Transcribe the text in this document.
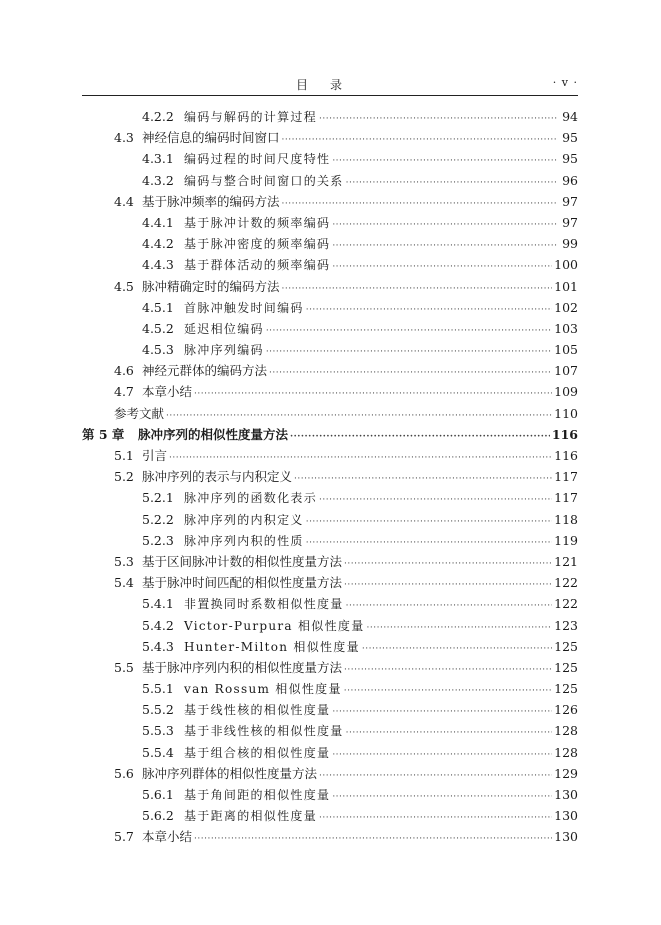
目录	· v ·
4.2.2 编码与解码的计算过程 ·····	94
4.3 神经信息的编码时间窗口 ·····	95
4.3.1 编码过程的时间尺度特性 ·····	95
4.3.2 编码与整合时间窗口的关系 ·····	96
4.4 基于脉冲频率的编码方法 ·····	97
4.4.1 基于脉冲计数的频率编码 ·····	97
4.4.2 基于脉冲密度的频率编码 ·····	99
4.4.3 基于群体活动的频率编码 ·····	100
4.5 脉冲精确定时的编码方法 ·····	101
4.5.1 首脉冲触发时间编码 ·····	102
4.5.2 延迟相位编码 ·····	103
4.5.3 脉冲序列编码 ·····	105
4.6 神经元群体的编码方法 ·····	107
4.7 本章小结 ·····	109
参考文献 ·····	110
第 5 章	脉冲序列的相似性度量方法 ·····	116
5.1 引言 ·····	116
5.2 脉冲序列的表示与内积定义 ·····	117
5.2.1 脉冲序列的函数化表示 ·····	117
5.2.2 脉冲序列的内积定义 ·····	118
5.2.3 脉冲序列内积的性质 ·····	119
5.3 基于区间脉冲计数的相似性度量方法 ·····	121
5.4 基于脉冲时间匹配的相似性度量方法 ·····	122
5.4.1 非置换同时系数相似性度量 ·····	122
5.4.2 Victor-Purpura 相似性度量 ·····	123
5.4.3 Hunter-Milton 相似性度量 ·····	125
5.5 基于脉冲序列内积的相似性度量方法 ·····	125
5.5.1 van Rossum 相似性度量 ·····	125
5.5.2 基于线性核的相似性度量 ·····	126
5.5.3 基于非线性核的相似性度量 ·····	128
5.5.4 基于组合核的相似性度量 ·····	128
5.6 脉冲序列群体的相似性度量方法 ·····	129
5.6.1 基于角间距的相似性度量 ·····	130
5.6.2 基于距离的相似性度量 ·····	130
5.7 本章小结 ·····	130
